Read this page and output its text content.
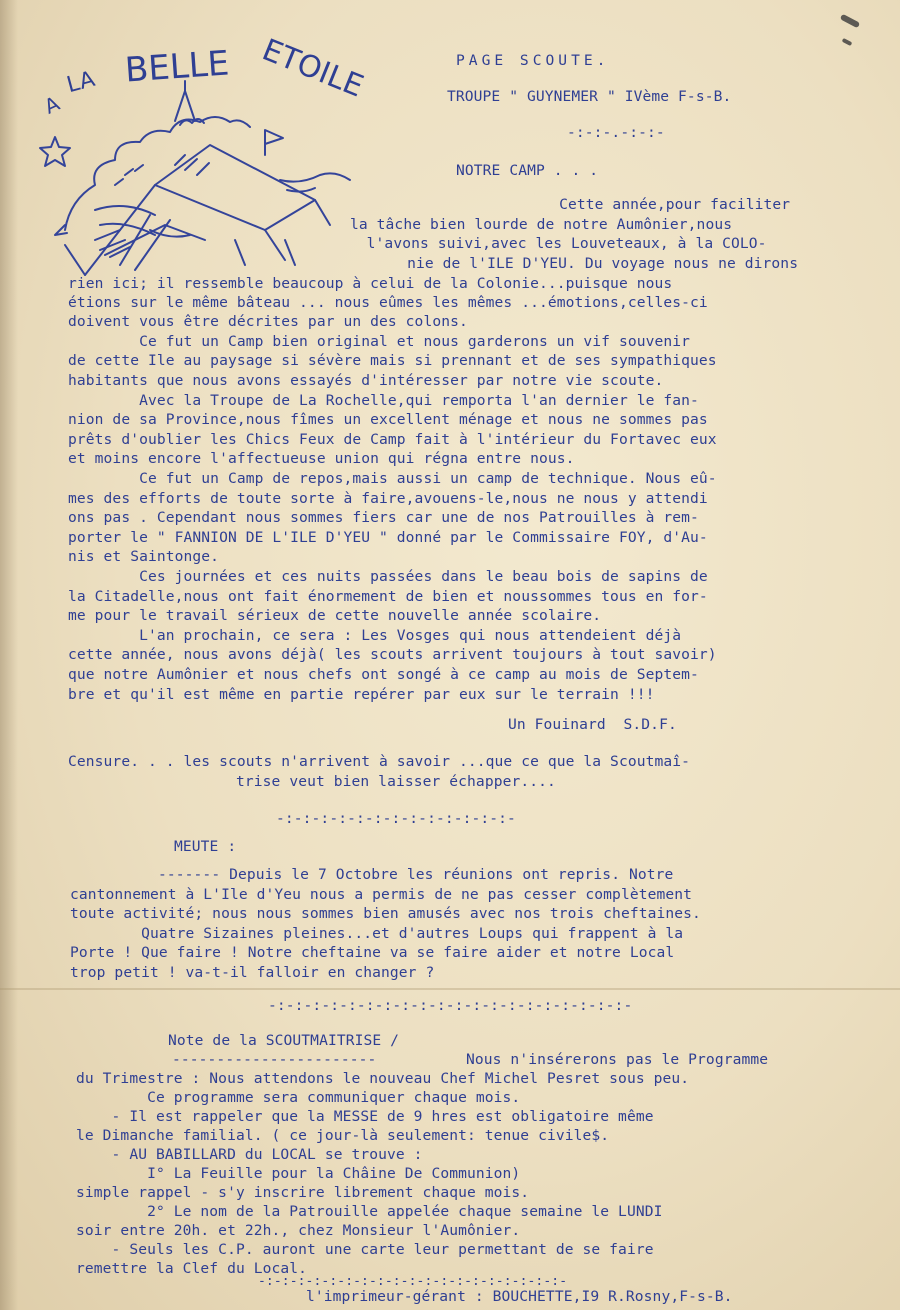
A
LA BELLE ETOILE	PAGE SCOUTE.
TROUPE " GUYNEMER " IVème F-s-B.
-:-:-.-:-:-
NOTRE CAMP . . .
Cette année,pour faciliter
la tâche bien lourde de notre Aumônier,nous
l'avons suivi,avec les Louveteaux, à la COLO-
nie de l'ILE D'YEU. Du voyage nous ne dirons
rien ici; il ressemble beaucoup à celui de la Colonie...puisque nous
étions sur le même bâteau ... nous eûmes les mêmes ...émotions,celles-ci
doivent vous être décrites par un des colons.
Ce fut un Camp bien original et nous garderons un vif souvenir
de cette Ile au paysage si sévère mais si prennant et de ses sympathiques
habitants que nous avons essayés d'intéresser par notre vie scoute.
Avec la Troupe de La Rochelle,qui remporta l'an dernier le fan-
nion de sa Province,nous fîmes un excellent ménage et nous ne sommes pas
prêts d'oublier les Chics Feux de Camp fait à l'intérieur du Fortavec eux
et moins encore l'affectueuse union qui régna entre nous.
Ce fut un Camp de repos,mais aussi un camp de technique. Nous eû-
mes des efforts de toute sorte à faire,avouens-le,nous ne nous y attendi
ons pas . Cependant nous sommes fiers car une de nos Patrouilles à rem-
porter le " FANNION DE L'ILE D'YEU " donné par le Commissaire FOY, d'Au-
nis et Saintonge.
Ces journées et ces nuits passées dans le beau bois de sapins de
la Citadelle,nous ont fait énormement de bien et noussommes tous en for-
me pour le travail sérieux de cette nouvelle année scolaire.
L'an prochain, ce sera : Les Vosges qui nous attendeient déjà
cette année, nous avons déjà( les scouts arrivent toujours à tout savoir)
que notre Aumônier et nous chefs ont songé à ce camp au mois de Septem-
bre et qu'il est même en partie repérer par eux sur le terrain !!!
Un Fouinard  S.D.F.
Censure. . . les scouts n'arrivent à savoir ...que ce que la Scoutmaî-
trise veut bien laisser échapper....
-:-:-:-:-:-:-:-:-:-:-:-:-:-
MEUTE :
------- Depuis le 7 Octobre les réunions ont repris. Notre
cantonnement à L'Ile d'Yeu nous a permis de ne pas cesser complètement
toute activité; nous nous sommes bien amusés avec nos trois cheftaines.
Quatre Sizaines pleines...et d'autres Loups qui frappent à la
Porte ! Que faire ! Notre cheftaine va se faire aider et notre Local
trop petit ! va-t-il falloir en changer ?
-:-:-:-:-:-:-:-:-:-:-:-:-:-:-:-:-:-:-:-:-
Note de la SCOUTMAITRISE /
-----------------------	Nous n'insérerons pas le Programme
du Trimestre : Nous attendons le nouveau Chef Michel Pesret sous peu.
Ce programme sera communiquer chaque mois.
- Il est rappeler que la MESSE de 9 hres est obligatoire même
le Dimanche familial. ( ce jour-là seulement: tenue civile$.
- AU BABILLARD du LOCAL se trouve :
I° La Feuille pour la Châine De Communion)
simple rappel - s'y inscrire librement chaque mois.
2° Le nom de la Patrouille appelée chaque semaine le LUNDI
soir entre 20h. et 22h., chez Monsieur l'Aumônier.
- Seuls les C.P. auront une carte leur permettant de se faire
remettre la Clef du Local.
-:-:-:-:-:-:-:-:-:-:-:-:-:-:-:-:-:-:-:-
l'imprimeur-gérant : BOUCHETTE,I9 R.Rosny,F-s-B.
